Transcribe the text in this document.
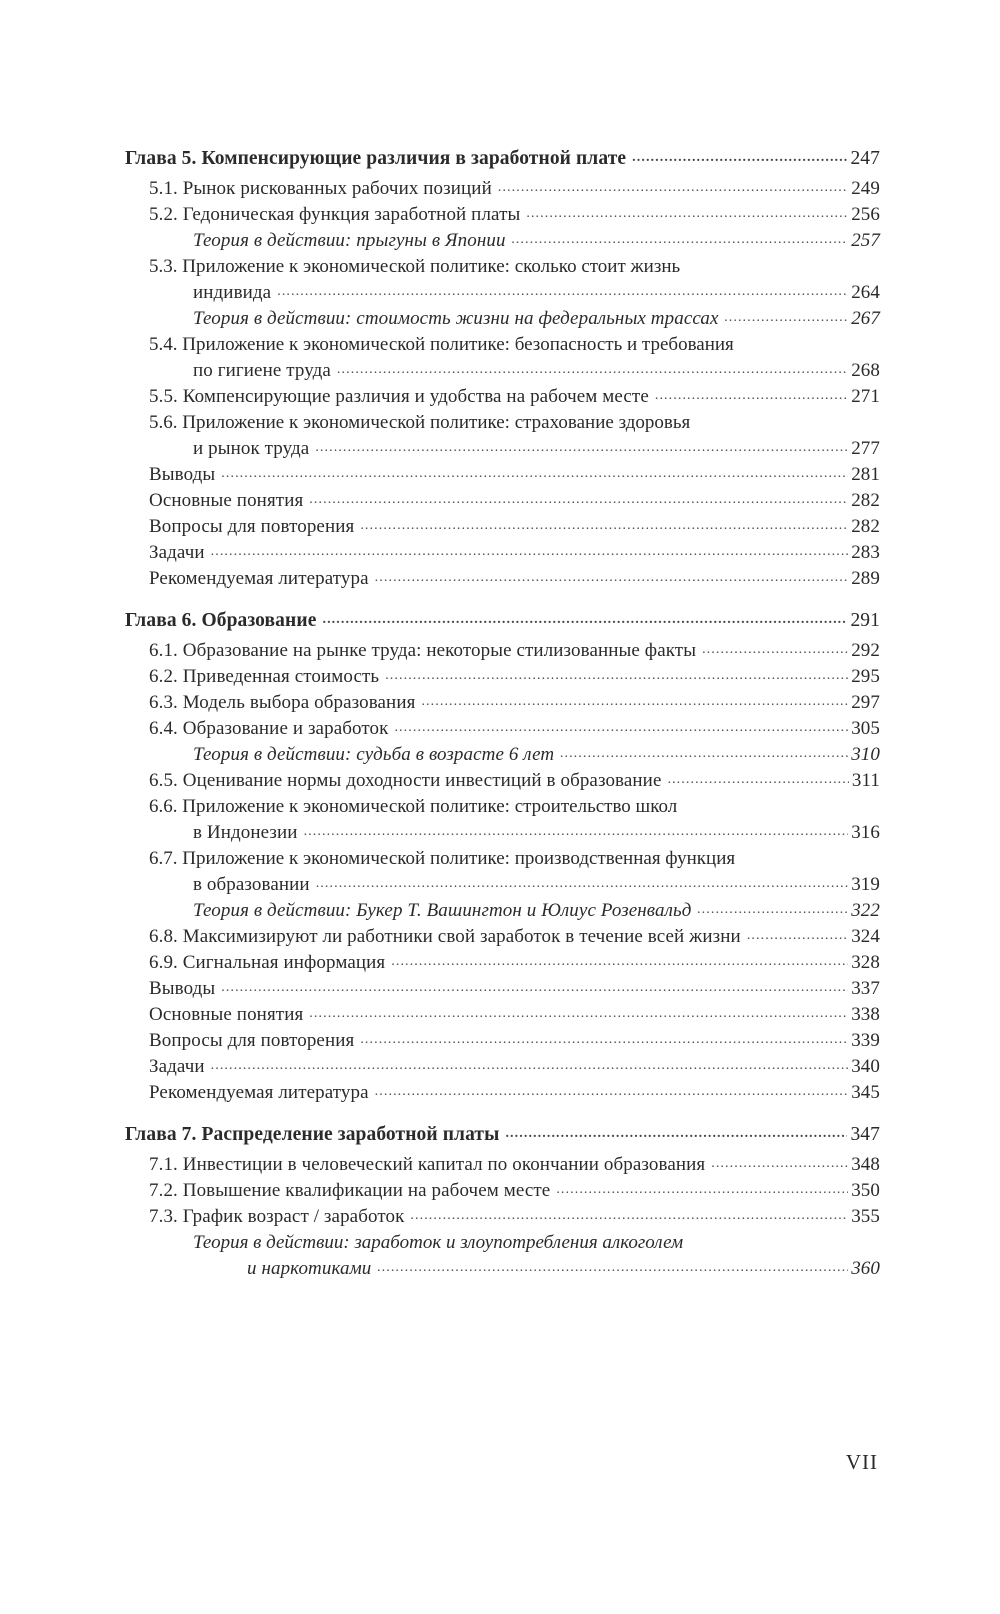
Глава 5. Компенсирующие различия в заработной плате . . .	247
5.1. Рынок рискованных рабочих позиций . . .	249
5.2. Гедоническая функция заработной платы . . .	256
Теория в действии: прыгуны в Японии . . .	257
5.3. Приложение к экономической политике: сколько стоит жизнь
индивида . . .	264
Теория в действии: стоимость жизни на федеральных трассах . . .	267
5.4. Приложение к экономической политике: безопасность и требования
по гигиене труда . . .	268
5.5. Компенсирующие различия и удобства на рабочем месте . . .	271
5.6. Приложение к экономической политике: страхование здоровья
и рынок труда . . .	277
Выводы . . .	281
Основные понятия . . .	282
Вопросы для повторения . . .	282
Задачи . . .	283
Рекомендуемая литература . . .	289
Глава 6. Образование . . .	291
6.1. Образование на рынке труда: некоторые стилизованные факты . . .	292
6.2. Приведенная стоимость . . .	295
6.3. Модель выбора образования . . .	297
6.4. Образование и заработок . . .	305
Теория в действии: судьба в возрасте 6 лет . . .	310
6.5. Оценивание нормы доходности инвестиций в образование . . .	311
6.6. Приложение к экономической политике: строительство школ
в Индонезии . . .	316
6.7. Приложение к экономической политике: производственная функция
в образовании . . .	319
Теория в действии: Букер Т. Вашингтон и Юлиус Розенвальд . . .	322
6.8. Максимизируют ли работники свой заработок в течение всей жизни . . .	324
6.9. Сигнальная информация . . .	328
Выводы . . .	337
Основные понятия . . .	338
Вопросы для повторения . . .	339
Задачи . . .	340
Рекомендуемая литература . . .	345
Глава 7. Распределение заработной платы . . .	347
7.1. Инвестиции в человеческий капитал по окончании образования . . .	348
7.2. Повышение квалификации на рабочем месте . . .	350
7.3. График возраст / заработок . . .	355
Теория в действии: заработок и злоупотребления алкоголем
и наркотиками . . .	360
VII
